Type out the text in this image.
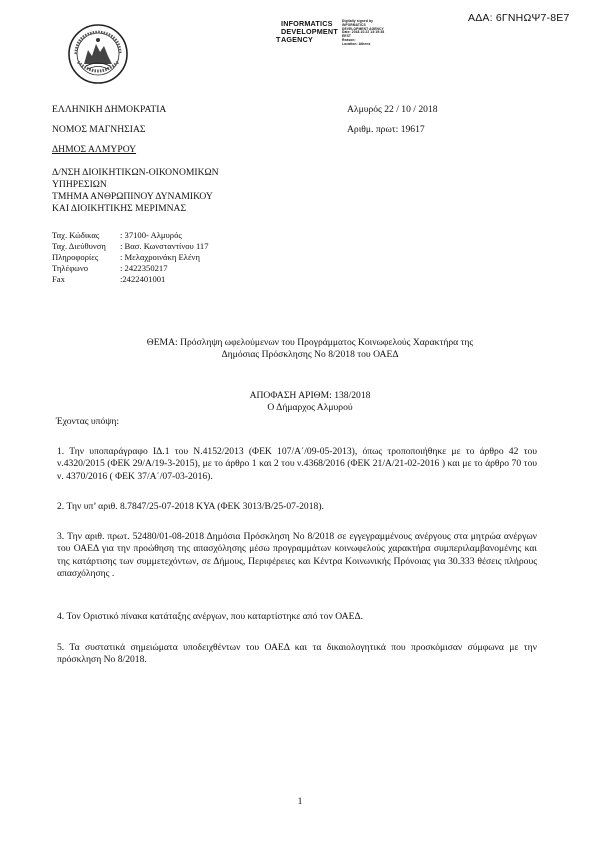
ΑΔΑ: 6ΓΝΗΩΨ7-8Ε7
INFORMATICS
DEVELOPMENT
T AGENCY
Digitally signed by
INFORMATICS
DEVELOPMENT AGENCY
Date: 2018.10.22 13:19:38
EEST
Reason:
Location: Athens
ΕΛΛΗΝΙΚΗ ΔΗΜΟΚΡΑΤΙΑ
ΝΟΜΟΣ ΜΑΓΝΗΣΙΑΣ
ΔΗΜΟΣ ΑΛΜΥΡΟΥ
Αλμυρός 22 / 10 / 2018
Αριθμ. πρωτ: 19617
Δ/ΝΣΗ ΔΙΟΙΚΗΤΙΚΩΝ-ΟΙΚΟΝΟΜΙΚΩΝ
ΥΠΗΡΕΣΙΩΝ
ΤΜΗΜΑ ΑΝΘΡΩΠΙΝΟΥ ΔΥΝΑΜΙΚΟΥ
ΚΑΙ ΔΙΟΙΚΗΤΙΚΗΣ ΜΕΡΙΜΝΑΣ
Ταχ. Κώδικας	: 37100- Αλμυρός
Ταχ. Διεύθυνση	: Βασ. Κωνσταντίνου 117
Πληροφορίες	: Μελαχροινάκη Ελένη
Τηλέφωνο	: 2422350217
Fax	:2422401001
ΘΕΜΑ: Πρόσληψη ωφελούμενων του Προγράμματος Κοινωφελούς Χαρακτήρα της
Δημόσιας Πρόσκλησης Νο 8/2018 του ΟΑΕΔ
ΑΠΟΦΑΣΗ ΑΡΙΘΜ: 138/2018
Ο Δήμαρχος Αλμυρού
Έχοντας υπόψη:
1. Την υποπαράγραφο ΙΔ.1 του Ν.4152/2013 (ΦΕΚ 107/Α΄/09-05-2013), όπως τροποποιήθηκε με το άρθρο 42 του ν.4320/2015 (ΦΕΚ 29/Α/19-3-2015), με το άρθρο 1 και 2 του ν.4368/2016 (ΦΕΚ 21/Α/21-02-2016 ) και με το άρθρο 70 του ν. 4370/2016 ( ΦΕΚ 37/Α΄/07-03-2016).
2. Την υπ’ αριθ. 8.7847/25-07-2018 ΚΥΑ (ΦΕΚ 3013/Β/25-07-2018).
3. Την αριθ. πρωτ. 52480/01-08-2018 Δημόσια Πρόσκληση Νο 8/2018 σε εγγεγραμμένους ανέργους στα μητρώα ανέργων του ΟΑΕΔ για την προώθηση της απασχόλησης μέσω προγραμμάτων κοινωφελούς χαρακτήρα συμπεριλαμβανομένης και της κατάρτισης των συμμετεχόντων, σε Δήμους, Περιφέρειες και Κέντρα Κοινωνικής Πρόνοιας για 30.333 θέσεις πλήρους απασχόλησης .
4. Τον Οριστικό πίνακα κατάταξης ανέργων, που καταρτίστηκε από τον ΟΑΕΔ.
5. Τα συστατικά σημειώματα υποδειχθέντων του ΟΑΕΔ και τα δικαιολογητικά που προσκόμισαν σύμφωνα με την πρόσκληση Νο 8/2018.
1
